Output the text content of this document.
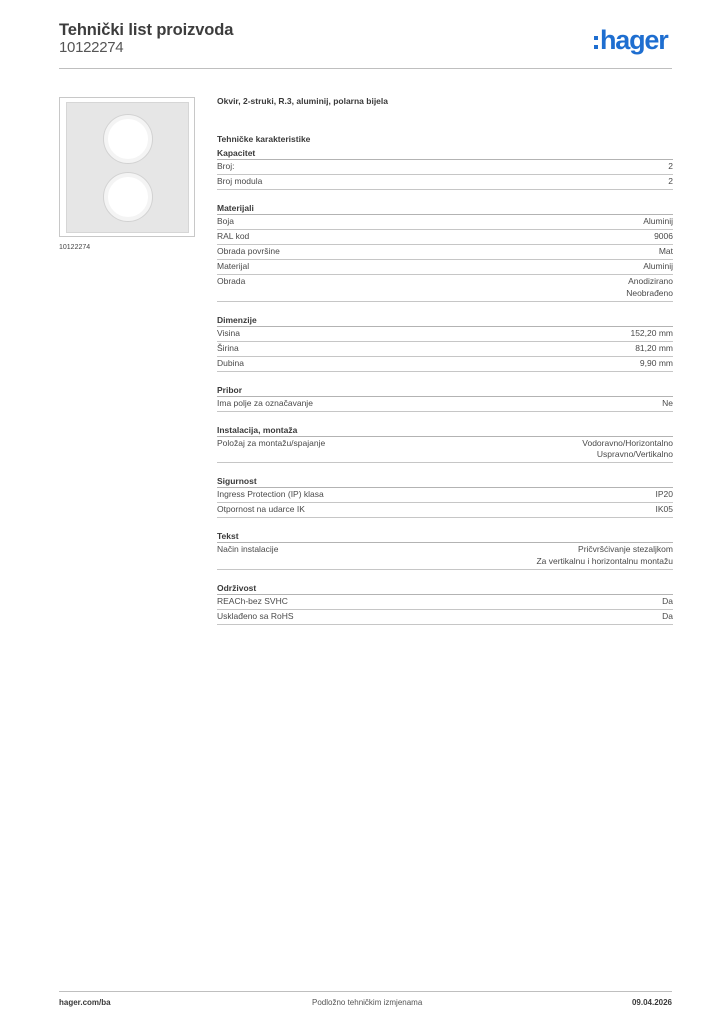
Tehnički list proizvoda
10122274	hager
10122274
Okvir, 2-struki, R.3, aluminij, polarna bijela
Tehničke karakteristike
Kapacitet
Broj:	2
Broj modula	2
Materijali
Boja	Aluminij
RAL kod	9006
Obrada površine	Mat
Materijal	Aluminij
Obrada	Anodizirano
Neobrađeno
Dimenzije
Visina	152,20 mm
Širina	81,20 mm
Dubina	9,90 mm
Pribor
Ima polje za označavanje	Ne
Instalacija, montaža
Položaj za montažu/spajanje	Vodoravno/Horizontalno
Uspravno/Vertikalno
Sigurnost
Ingress Protection (IP) klasa	IP20
Otpornost na udarce IK	IK05
Tekst
Način instalacije	Pričvršćivanje stezaljkom
Za vertikalnu i horizontalnu montažu
Održivost
REACh-bez SVHC	Da
Usklađeno sa RoHS	Da
hager.com/ba	Podložno tehničkim izmjenama	09.04.2026
